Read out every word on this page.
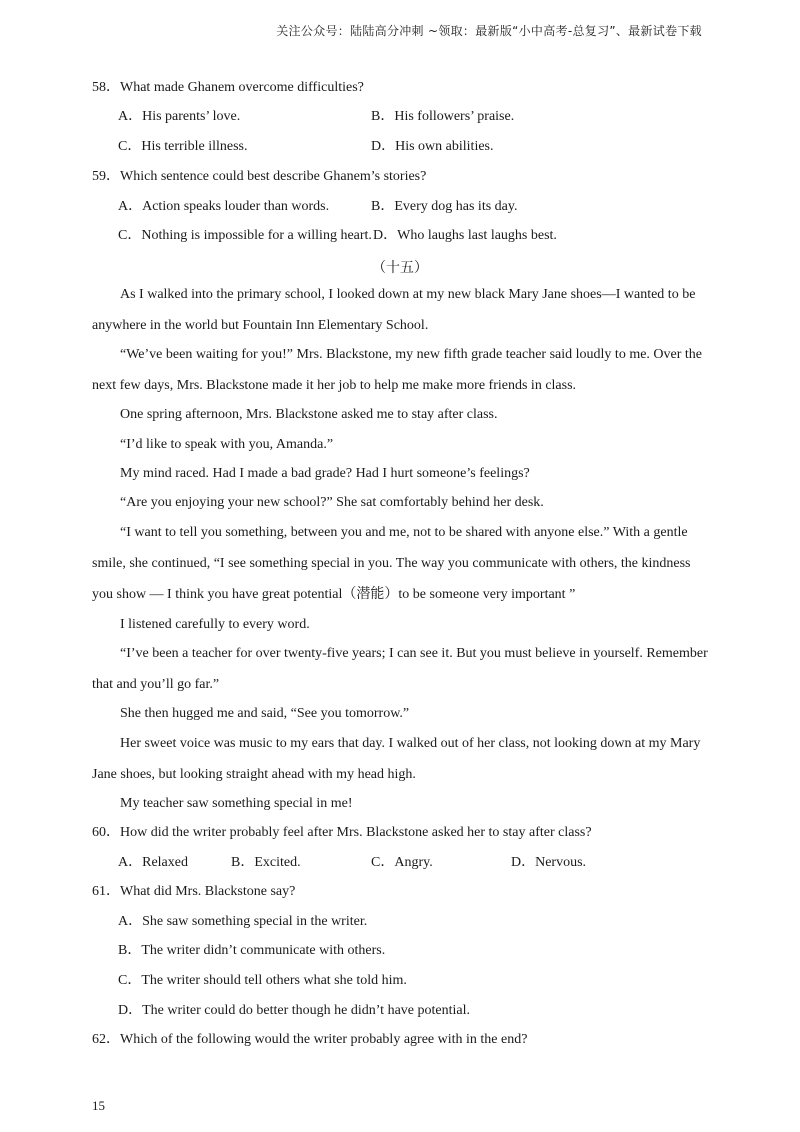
关注公众号：陆陆高分冲刺 ~领取：最新版“小中高考-总复习”、最新试卷下载
58．What made Ghanem overcome difficulties?
A．His parents’ love.	B．His followers’ praise.
C．His terrible illness.	D．His own abilities.
59．Which sentence could best describe Ghanem’s stories?
A．Action speaks louder than words.	B．Every dog has its day.
C．Nothing is impossible for a willing heart. D．Who laughs last laughs best.
（十五）
As I walked into the primary school, I looked down at my new black Mary Jane shoes—I wanted to be
anywhere in the world but Fountain Inn Elementary School.
“We’ve been waiting for you!” Mrs. Blackstone, my new fifth grade teacher said loudly to me. Over the
next few days, Mrs. Blackstone made it her job to help me make more friends in class.
One spring afternoon, Mrs. Blackstone asked me to stay after class.
“I’d like to speak with you, Amanda.”
My mind raced. Had I made a bad grade? Had I hurt someone’s feelings?
“Are you enjoying your new school?” She sat comfortably behind her desk.
“I want to tell you something, between you and me, not to be shared with anyone else.” With a gentle
smile, she continued, “I see something special in you. The way you communicate with others, the kindness
you show — I think you have great potential（潜能）to be someone very important ”
I listened carefully to every word.
“I’ve been a teacher for over twenty-five years; I can see it. But you must believe in yourself. Remember
that and you’ll go far.”
She then hugged me and said, “See you tomorrow.”
Her sweet voice was music to my ears that day. I walked out of her class, not looking down at my Mary
Jane shoes, but looking straight ahead with my head high.
My teacher saw something special in me!
60．How did the writer probably feel after Mrs. Blackstone asked her to stay after class?
A．Relaxed	B．Excited.	C．Angry.	D．Nervous.
61．What did Mrs. Blackstone say?
A．She saw something special in the writer.
B．The writer didn’t communicate with others.
C．The writer should tell others what she told him.
D．The writer could do better though he didn’t have potential.
62．Which of the following would the writer probably agree with in the end?
15
